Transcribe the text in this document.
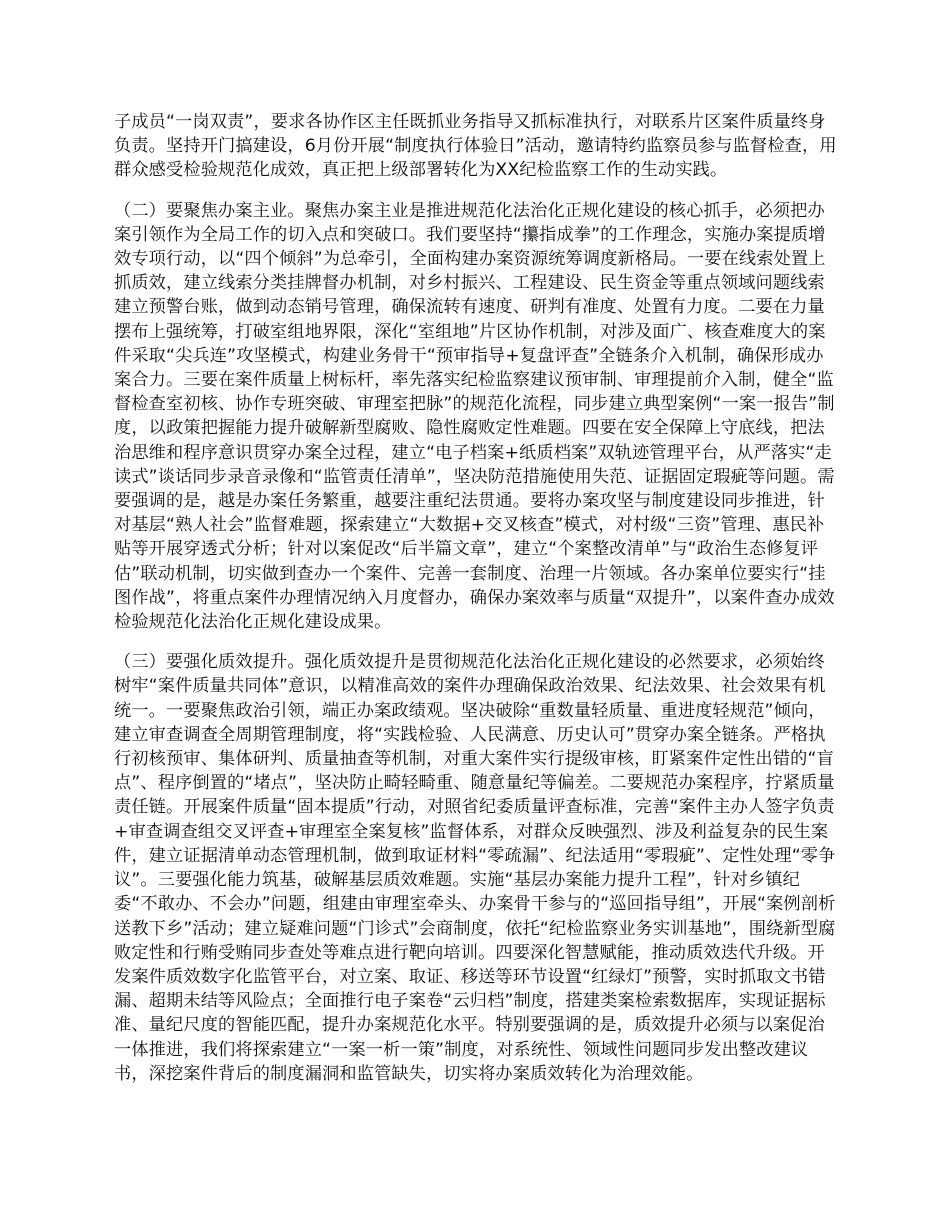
子成员“一岗双责”，要求各协作区主任既抓业务指导又抓标准执行，对联系片区案件质量终身负责。坚持开门搞建设，6月份开展“制度执行体验日”活动，邀请特约监察员参与监督检查，用群众感受检验规范化成效，真正把上级部署转化为XX纪检监察工作的生动实践。

（二）要聚焦办案主业。聚焦办案主业是推进规范化法治化正规化建设的核心抓手，必须把办案引领作为全局工作的切入点和突破口。我们要坚持“攥指成拳”的工作理念，实施办案提质增效专项行动，以“四个倾斜”为总牵引，全面构建办案资源统筹调度新格局。一要在线索处置上抓质效，建立线索分类挂牌督办机制，对乡村振兴、工程建设、民生资金等重点领域问题线索建立预警台账，做到动态销号管理，确保流转有速度、研判有准度、处置有力度。二要在力量摆布上强统筹，打破室组地界限，深化“室组地”片区协作机制，对涉及面广、核查难度大的案件采取“尖兵连”攻坚模式，构建业务骨干“预审指导+复盘评查”全链条介入机制，确保形成办案合力。三要在案件质量上树标杆，率先落实纪检监察建议预审制、审理提前介入制，健全“监督检查室初核、协作专班突破、审理室把脉”的规范化流程，同步建立典型案例“一案一报告”制度，以政策把握能力提升破解新型腐败、隐性腐败定性难题。四要在安全保障上守底线，把法治思维和程序意识贯穿办案全过程，建立“电子档案+纸质档案”双轨迹管理平台，从严落实“走读式”谈话同步录音录像和“监管责任清单”，坚决防范措施使用失范、证据固定瑕疵等问题。需要强调的是，越是办案任务繁重，越要注重纪法贯通。要将办案攻坚与制度建设同步推进，针对基层“熟人社会”监督难题，探索建立“大数据+交叉核查”模式，对村级“三资”管理、惠民补贴等开展穿透式分析；针对以案促改“后半篇文章”，建立“个案整改清单”与“政治生态修复评估”联动机制，切实做到查办一个案件、完善一套制度、治理一片领域。各办案单位要实行“挂图作战”，将重点案件办理情况纳入月度督办，确保办案效率与质量“双提升”，以案件查办成效检验规范化法治化正规化建设成果。

（三）要强化质效提升。强化质效提升是贯彻规范化法治化正规化建设的必然要求，必须始终树牢“案件质量共同体”意识，以精准高效的案件办理确保政治效果、纪法效果、社会效果有机统一。一要聚焦政治引领，端正办案政绩观。坚决破除“重数量轻质量、重进度轻规范”倾向，建立审查调查全周期管理制度，将“实践检验、人民满意、历史认可”贯穿办案全链条。严格执行初核预审、集体研判、质量抽查等机制，对重大案件实行提级审核，盯紧案件定性出错的“盲点”、程序倒置的“堵点”，坚决防止畸轻畸重、随意量纪等偏差。二要规范办案程序，拧紧质量责任链。开展案件质量“固本提质”行动，对照省纪委质量评查标准，完善“案件主办人签字负责+审查调查组交叉评查+审理室全案复核”监督体系，对群众反映强烈、涉及利益复杂的民生案件，建立证据清单动态管理机制，做到取证材料“零疏漏”、纪法适用“零瑕疵”、定性处理“零争议”。三要强化能力筑基，破解基层质效难题。实施“基层办案能力提升工程”，针对乡镇纪委“不敢办、不会办”问题，组建由审理室牵头、办案骨干参与的“巡回指导组”，开展“案例剖析送教下乡”活动；建立疑难问题“门诊式”会商制度，依托“纪检监察业务实训基地”，围绕新型腐败定性和行贿受贿同步查处等难点进行靶向培训。四要深化智慧赋能，推动质效迭代升级。开发案件质效数字化监管平台，对立案、取证、移送等环节设置“红绿灯”预警，实时抓取文书错漏、超期未结等风险点；全面推行电子案卷“云归档”制度，搭建类案检索数据库，实现证据标准、量纪尺度的智能匹配，提升办案规范化水平。特别要强调的是，质效提升必须与以案促治一体推进，我们将探索建立“一案一析一策”制度，对系统性、领域性问题同步发出整改建议书，深挖案件背后的制度漏洞和监管缺失，切实将办案质效转化为治理效能。
